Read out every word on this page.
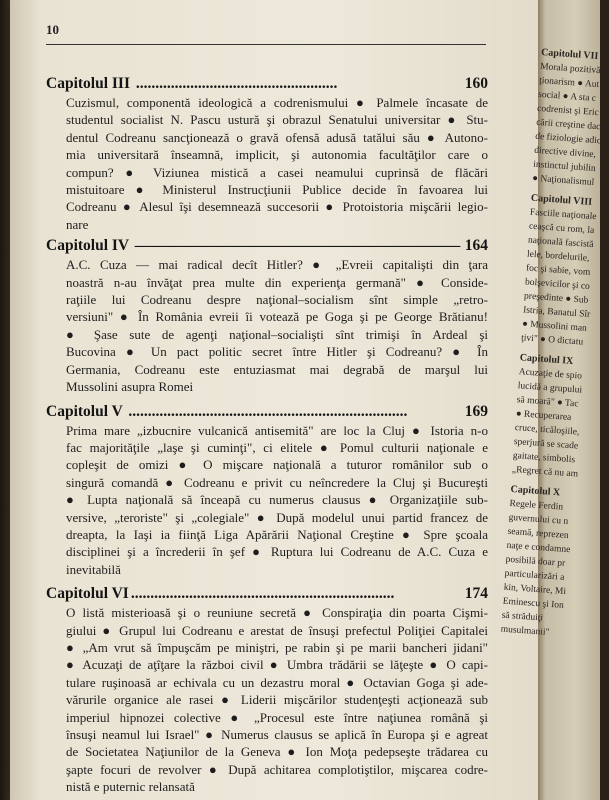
10
Capitolul III ....................................................	160

Cuzismul, componentă ideologică a codrenismului ● Palmele încasate de

studentul socialist N. Pascu ustură şi obrazul Senatului universitar ● Stu-

dentul Codreanu sancţionează o gravă ofensă adusă tatălui său ● Autono-

mia universitară înseamnă, implicit, şi autonomia facultăţilor care o

compun? ● Viziunea mistică a casei neamului cuprinsă de flăcări

mistuitoare ● Ministerul Instrucţiunii Publice decide în favoarea lui

Codreanu ● Alesul îşi desemnează succesorii ● Protoistoria mişcării legio-

nare

Capitolul IV ————————————————————— 164

A.C. Cuza — mai radical decît Hitler? ● „Evreii capitalişti din ţara

noastră n-au învăţat prea multe din experienţa germană" ● Conside-

raţiile lui Codreanu despre naţional–socialism sînt simple „retro-

versiuni" ● În România evreii îi votează pe Goga şi pe George Brătianu!

● Şase sute de agenţi naţional–socialişti sînt trimişi în Ardeal şi

Bucovina ● Un pact politic secret între Hitler şi Codreanu? ● În

Germania, Codreanu este entuziasmat mai degrabă de marşul lui

Mussolini asupra Romei

Capitolul V ........................................................................	169

Prima mare „izbucnire vulcanică antisemită" are loc la Cluj ● Istoria n-o

fac majorităţile „laşe şi cuminţi", ci elitele ● Pomul culturii naţionale e

copleşit de omizi ● O mişcare naţională a tuturor românilor sub o

singură comandă ● Codreanu e privit cu neîncredere la Cluj şi Bucureşti

● Lupta naţională să înceapă cu numerus clausus ● Organizaţiile sub-

versive, „teroriste" şi „colegiale" ● După modelul unui partid francez de

dreapta, la Iaşi ia fiinţă Liga Apărării Naţional Creştine ● Spre şcoala

disciplinei şi a încrederii în şef ● Ruptura lui Codreanu de A.C. Cuza e

inevitabilă

Capitolul VI ....................................................................	174

O listă misterioasă şi o reuniune secretă ● Conspiraţia din poarta Cişmi-

giului ● Grupul lui Codreanu e arestat de însuşi prefectul Poliţiei Capitalei

● „Am vrut să împuşcăm pe miniştri, pe rabin şi pe marii bancheri jidani"

● Acuzaţi de aţîţare la război civil ● Umbra trădării se lăţeşte ● O capi-

tulare ruşinoasă ar echivala cu un dezastru moral ● Octavian Goga şi ade-

vărurile organice ale rasei ● Liderii mişcărilor studenţeşti acţionează sub

imperiul hipnozei colective ● „Procesul este între naţiunea română şi

însuşi neamul lui Israel" ● Numerus clausus se aplică în Europa şi e agreat

de Societatea Naţiunilor de la Geneva ● Ion Moţa pedepseşte trădarea cu

şapte focuri de revolver ● După achitarea complotiştilor, mişcarea codre-

nistă e puternic relansată

Capitolul VII
Morala pozitivă
ţionarism ● Aut
social ● A sta c
codrenist şi Eric
cării creştine dac
de fiziologie adic
directive divine,
instinctul jubilin
● Naţionalismul
Capitolul VIII
Fasciile naţionale
ceaşcă cu rom, la
naţională fascistă
lele, bordelurile,
foc şi sabie, vom
bolşevicilor şi co
preşedinte ● Sub
Istria, Banatul Sîr
● Mussolini man
ţivi" ● O dictatu
Capitolul IX
Acuzaţie de spio
lucidă a grupului
să moară" ● Tac
● Recuperarea
cruce, ticăloşiile,
sperjură se scade
gaitate, simbolis
„Regret că nu am
Capitolul X
Regele Ferdin
guvernului cu n
seamă, reprezen
naţe e condamne
posibilă doar pr
particularizări a
kin, Voltaire, Mi
Eminescu şi Ion
să străduiţi
musulmanii"
